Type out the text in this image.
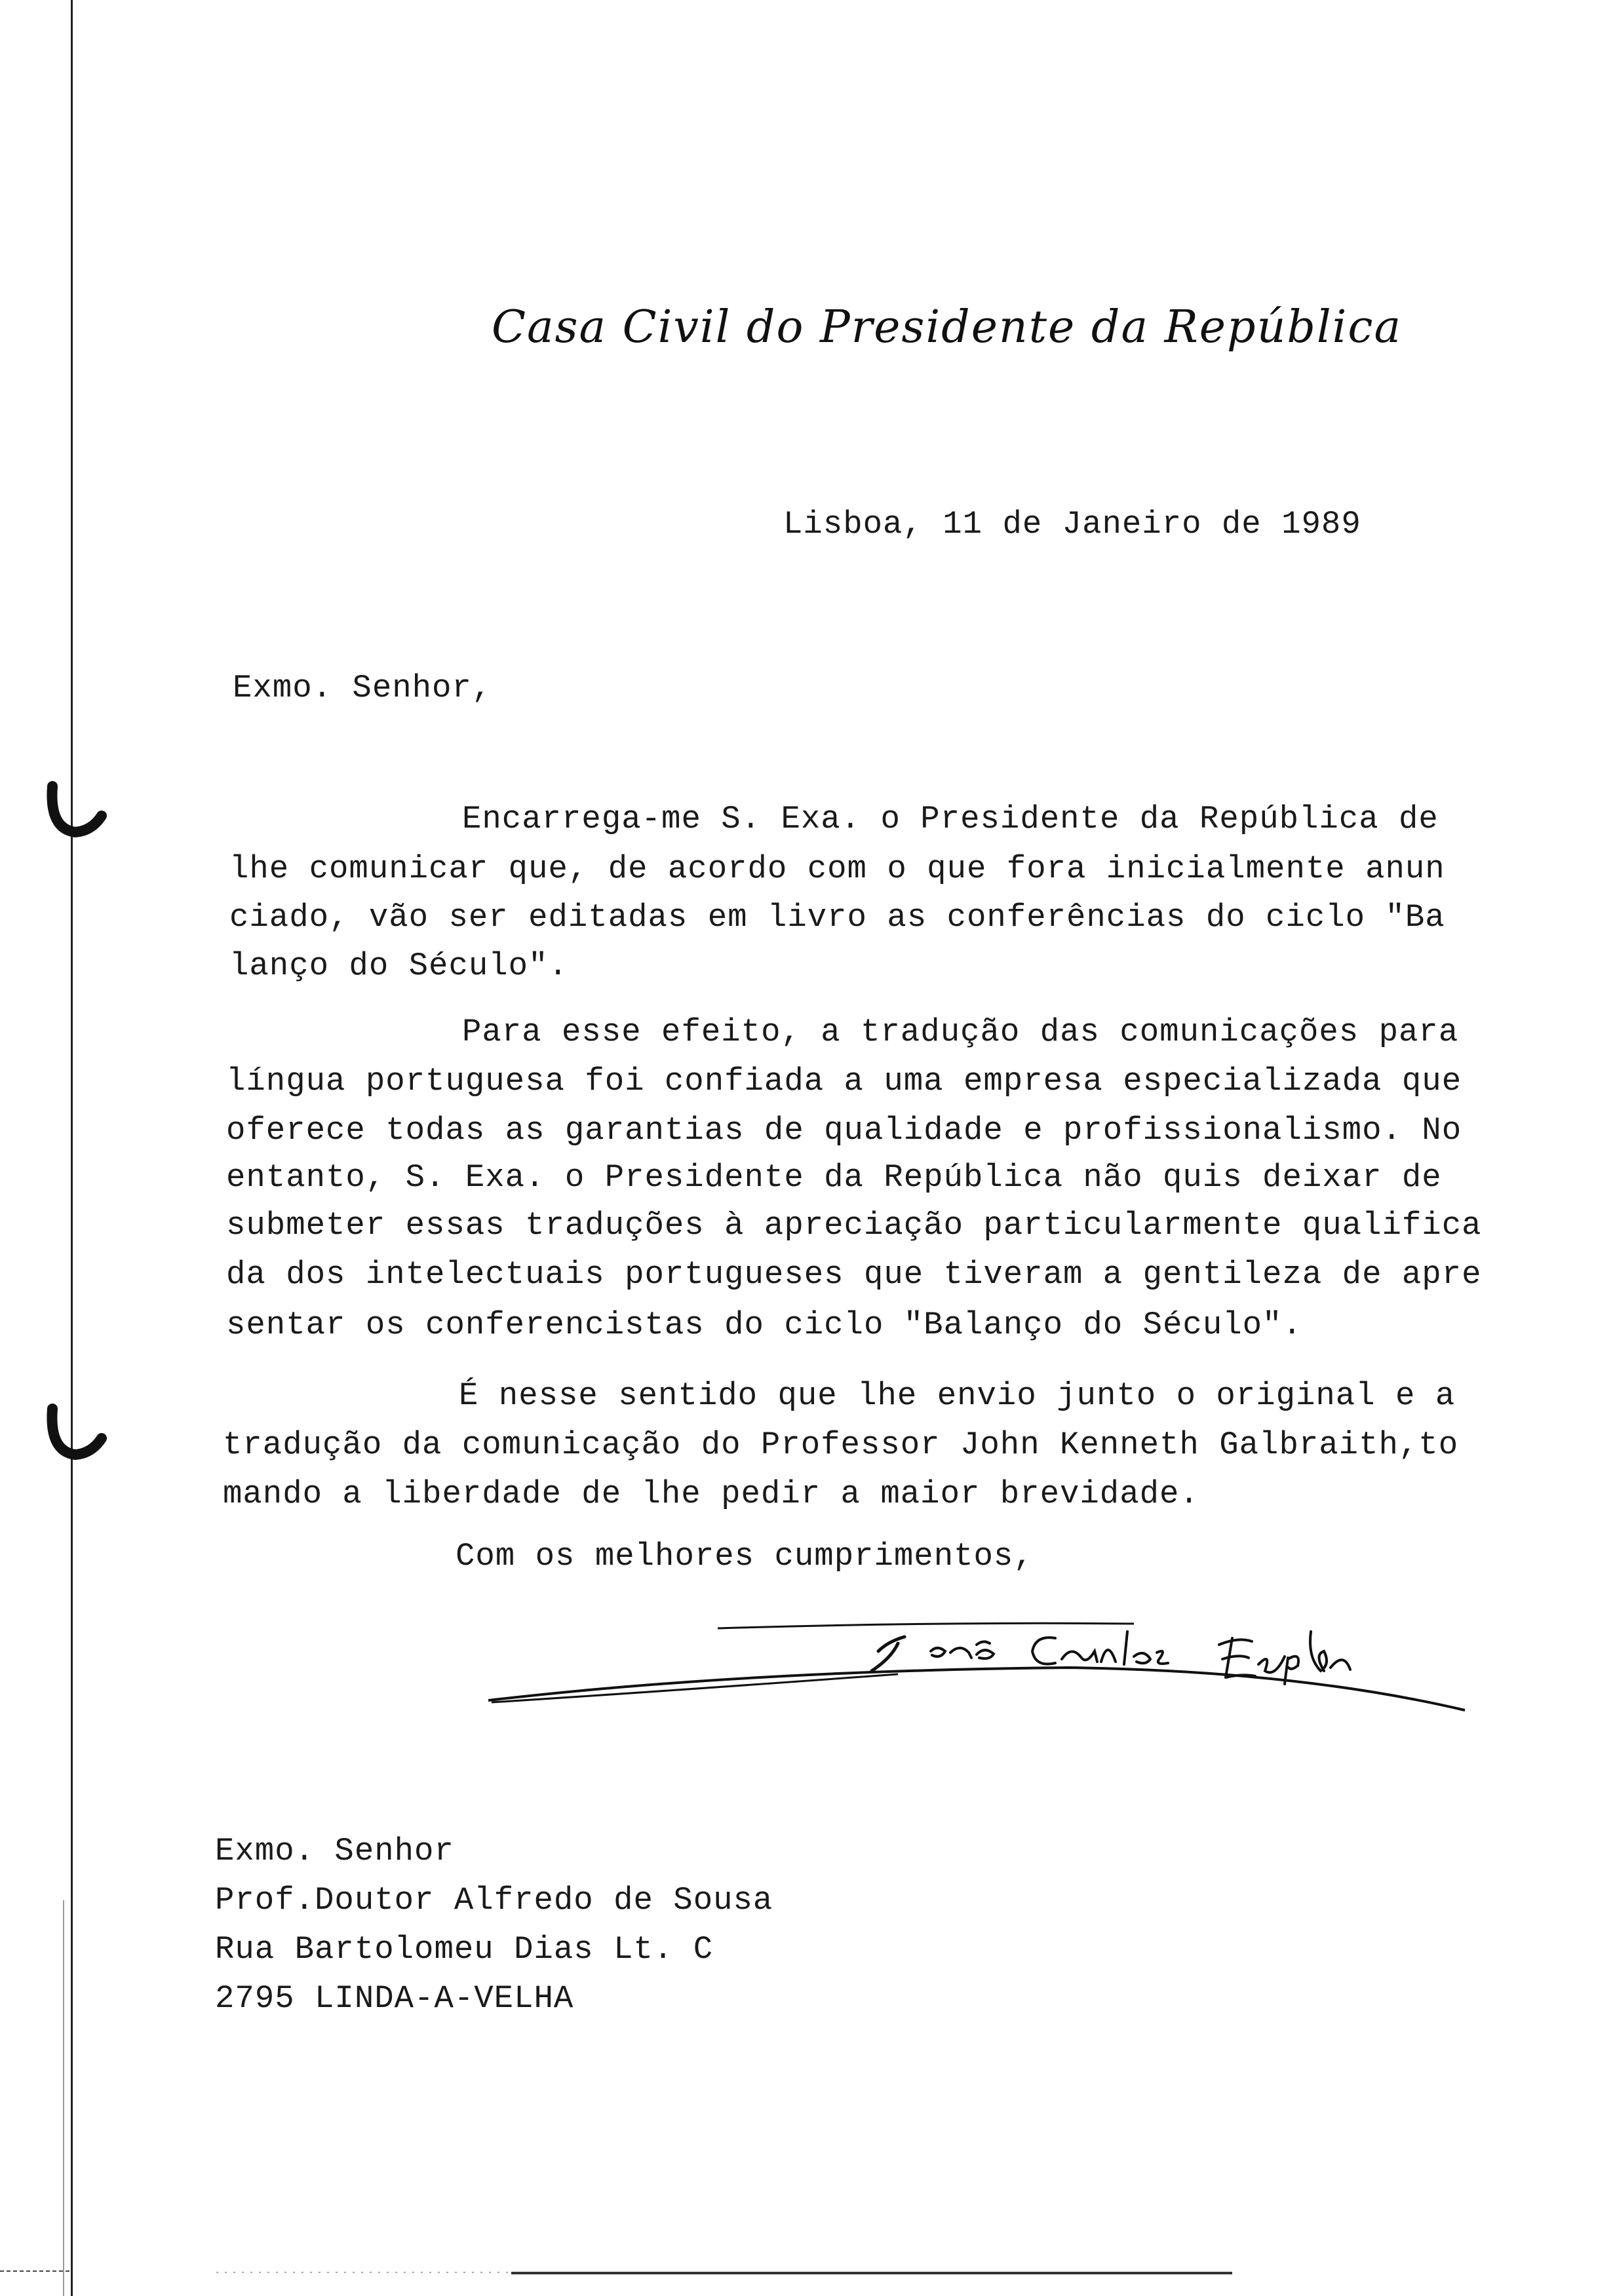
Casa Civil do Presidente da República
Lisboa, 11 de Janeiro de 1989
Exmo. Senhor,
Encarrega-me S. Exa. o Presidente da República de
lhe comunicar que, de acordo com o que fora inicialmente anun
ciado, vão ser editadas em livro as conferências do ciclo "Ba
lanço do Século".
Para esse efeito, a tradução das comunicações para
língua portuguesa foi confiada a uma empresa especializada que
oferece todas as garantias de qualidade e profissionalismo. No
entanto, S. Exa. o Presidente da República não quis deixar de
submeter essas traduções à apreciação particularmente qualifica
da dos intelectuais portugueses que tiveram a gentileza de apre
sentar os conferencistas do ciclo "Balanço do Século".
É nesse sentido que lhe envio junto o original e a
tradução da comunicação do Professor John Kenneth Galbraith,to
mando a liberdade de lhe pedir a maior brevidade.
Com os melhores cumprimentos,
Exmo. Senhor
Prof.Doutor Alfredo de Sousa
Rua Bartolomeu Dias Lt. C
2795 LINDA-A-VELHA
